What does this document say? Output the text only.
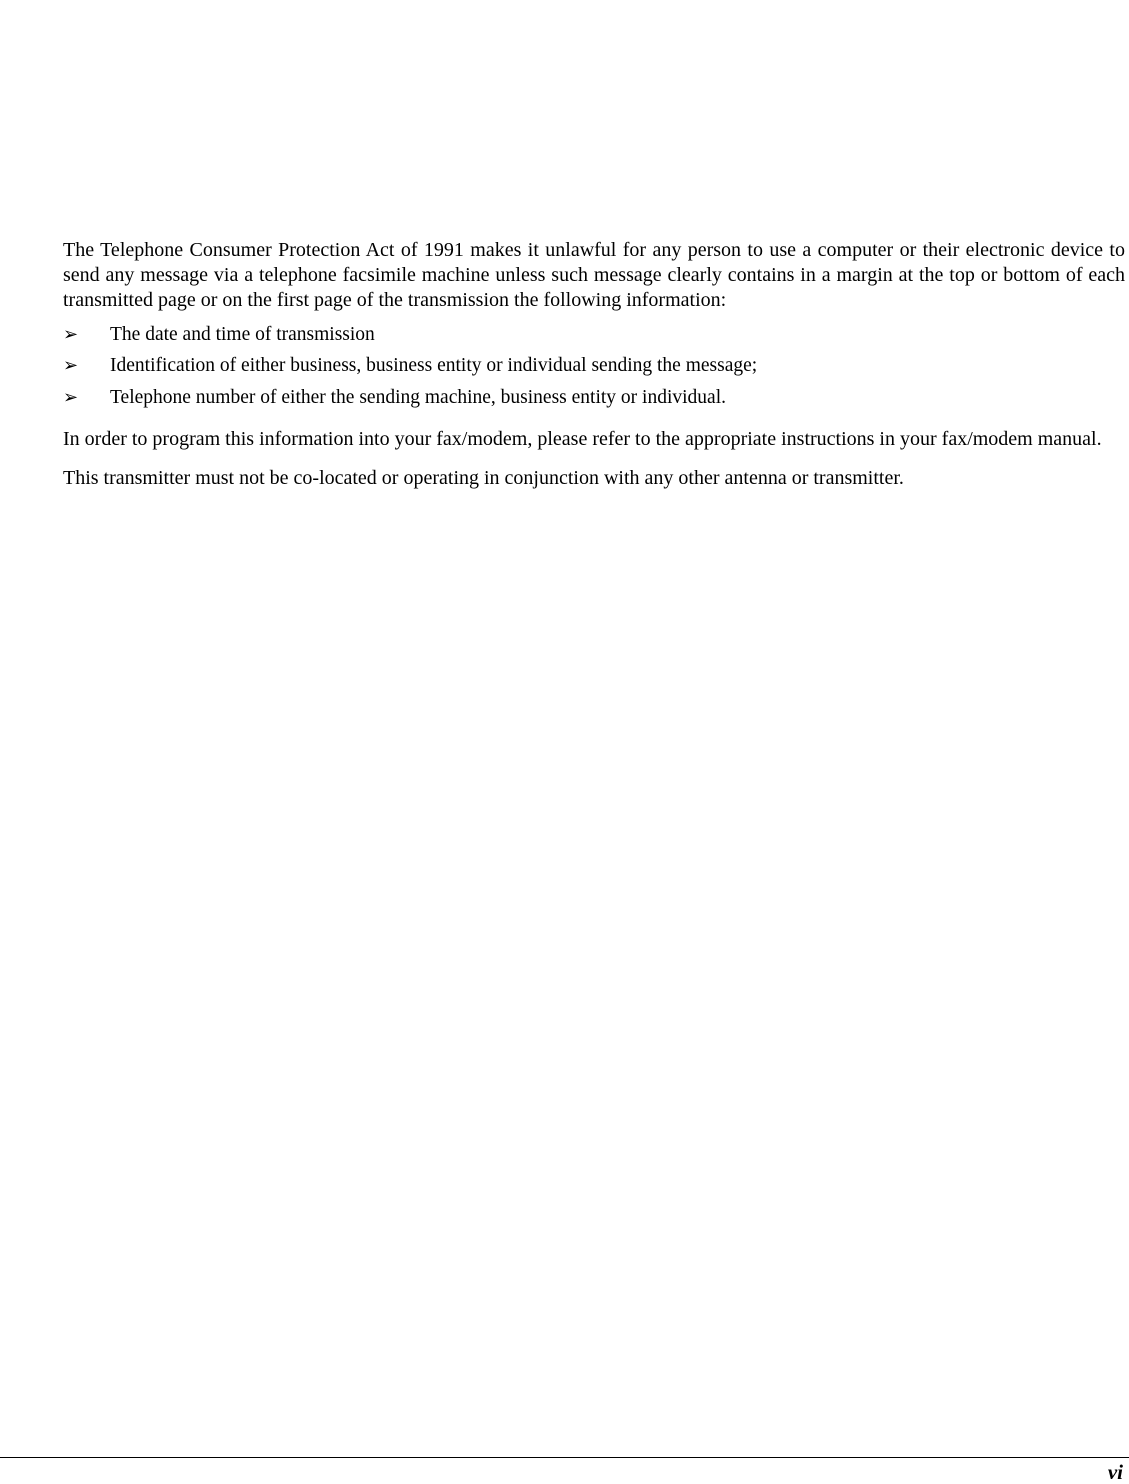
The Telephone Consumer Protection Act of 1991 makes it unlawful for any person to use a computer or their electronic device to send any message via a telephone facsimile machine unless such message clearly contains in a margin at the top or bottom of each transmitted page or on the first page of the transmission the following information:

➢	The date and time of transmission
➢	Identification of either business, business entity or individual sending the message;
➢	Telephone number of either the sending machine, business entity or individual.

In order to program this information into your fax/modem, please refer to the appropriate instructions in your fax/modem manual.

This transmitter must not be co-located or operating in conjunction with any other antenna or transmitter.

vi
